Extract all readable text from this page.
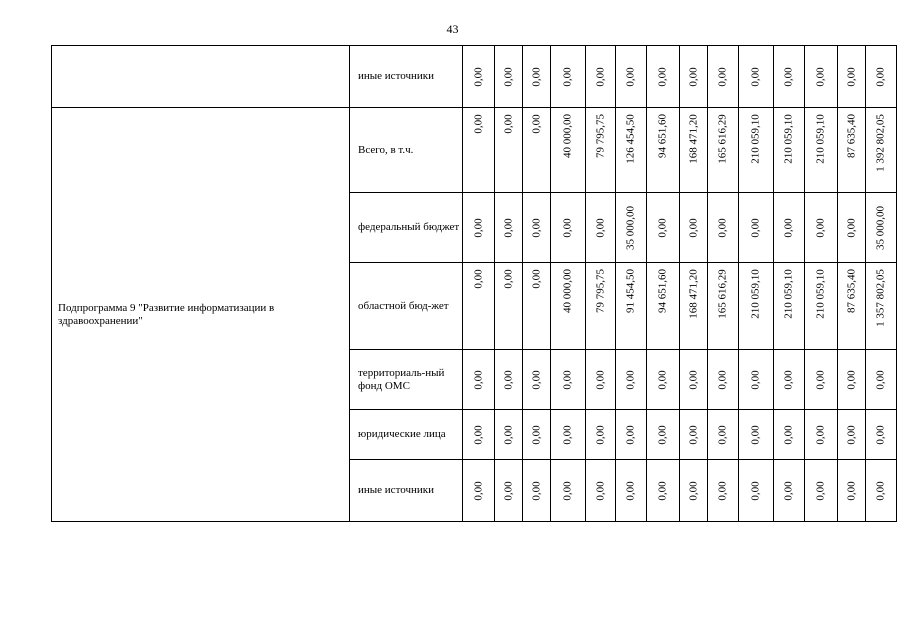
43
	иные источники	0,00	0,00	0,00	0,00	0,00	0,00	0,00	0,00	0,00	0,00	0,00	0,00	0,00	0,00

Подпрограмма 9 "Развитие информатизации в здравоохранении"	Всего, в т.ч.	0,00	0,00	0,00	40 000,00	79 795,75	126 454,50	94 651,60	168 471,20	165 616,29	210 059,10	210 059,10	210 059,10	87 635,40	1 392 802,05

	федеральный бюджет	0,00	0,00	0,00	0,00	0,00	35 000,00	0,00	0,00	0,00	0,00	0,00	0,00	0,00	35 000,00

	областной бюд-жет	0,00	0,00	0,00	40 000,00	79 795,75	91 454,50	94 651,60	168 471,20	165 616,29	210 059,10	210 059,10	210 059,10	87 635,40	1 357 802,05

	территориаль-ный фонд ОМС	0,00	0,00	0,00	0,00	0,00	0,00	0,00	0,00	0,00	0,00	0,00	0,00	0,00	0,00

	юридические лица	0,00	0,00	0,00	0,00	0,00	0,00	0,00	0,00	0,00	0,00	0,00	0,00	0,00	0,00

	иные источники	0,00	0,00	0,00	0,00	0,00	0,00	0,00	0,00	0,00	0,00	0,00	0,00	0,00	0,00
